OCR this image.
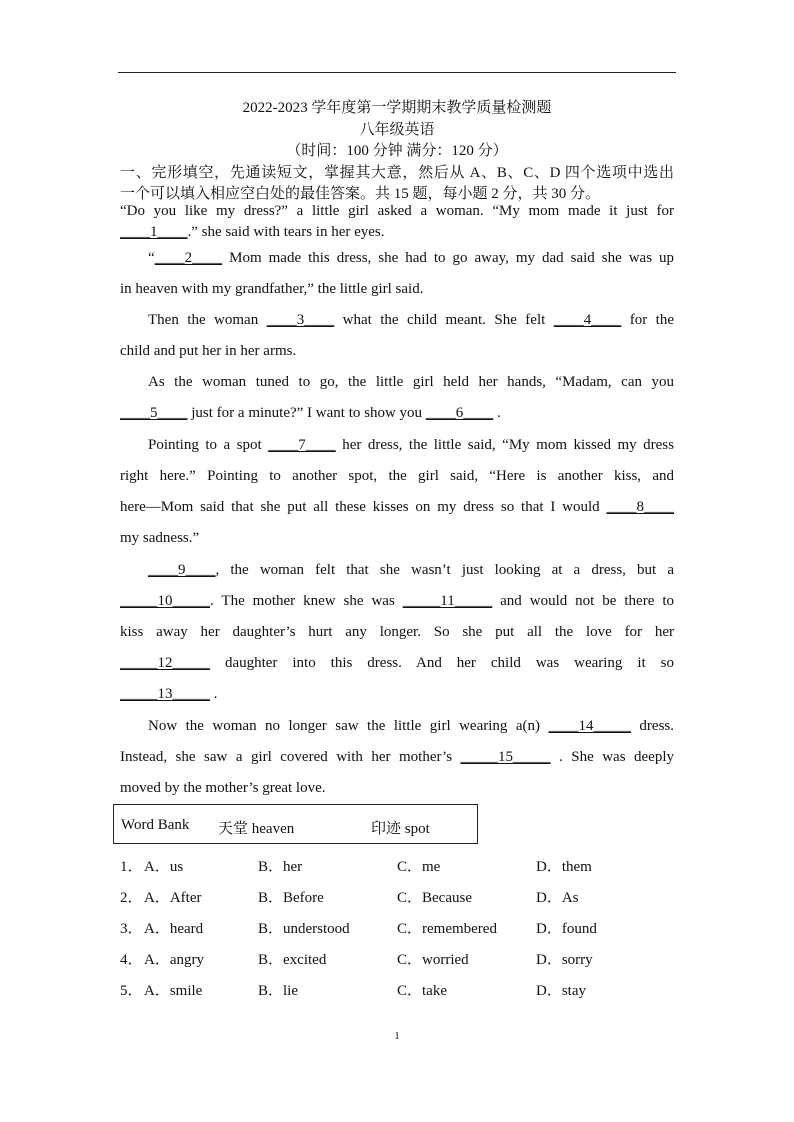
2022-2023 学年度第一学期期末教学质量检测题
八年级英语
（时间：100 分钟 满分：120 分）
一、完形填空，先通读短文，掌握其大意，然后从 A、B、C、D 四个选项中选出
一个可以填入相应空白处的最佳答案。共 15 题，每小题 2 分，共 30 分。
“Do you like my dress?” a little girl asked a woman. “My mom made it just for
____1____.” she said with tears in her eyes.
“____2____ Mom made this dress, she had to go away, my dad said she was up
in heaven with my grandfather,” the little girl said.
Then the woman ____3____ what the child meant. She felt ____4____ for the
child and put her in her arms.
As the woman tuned to go, the little girl held her hands, “Madam, can you
____5____ just for a minute?” I want to show you ____6____ .
Pointing to a spot ____7____ her dress, the little said, “My mom kissed my dress
right here.” Pointing to another spot, the girl said, “Here is another kiss, and
here—Mom said that she put all these kisses on my dress so that I would ____8____
my sadness.”
____9____, the woman felt that she wasn’t just looking at a dress, but a
_____10_____. The mother knew she was _____11_____ and would not be there to
kiss away her daughter’s hurt any longer. So she put all the love for her
_____12_____ daughter into this dress. And her child was wearing it so
_____13_____ .
Now the woman no longer saw the little girl wearing a(n) ____14_____ dress.
Instead, she saw a girl covered with her mother’s _____15_____ . She was deeply
moved by the mother’s great love.
Word Bank 天堂 heaven	印迹 spot
1． A．us	B．her	C．me	D．them
2． A．After	B．Before	C．Because	D．As
3． A．heard	B．understood	C．remembered	D．found
4． A．angry	B．excited	C．worried	D．sorry
5． A．smile	B．lie	C．take	D．stay
1
